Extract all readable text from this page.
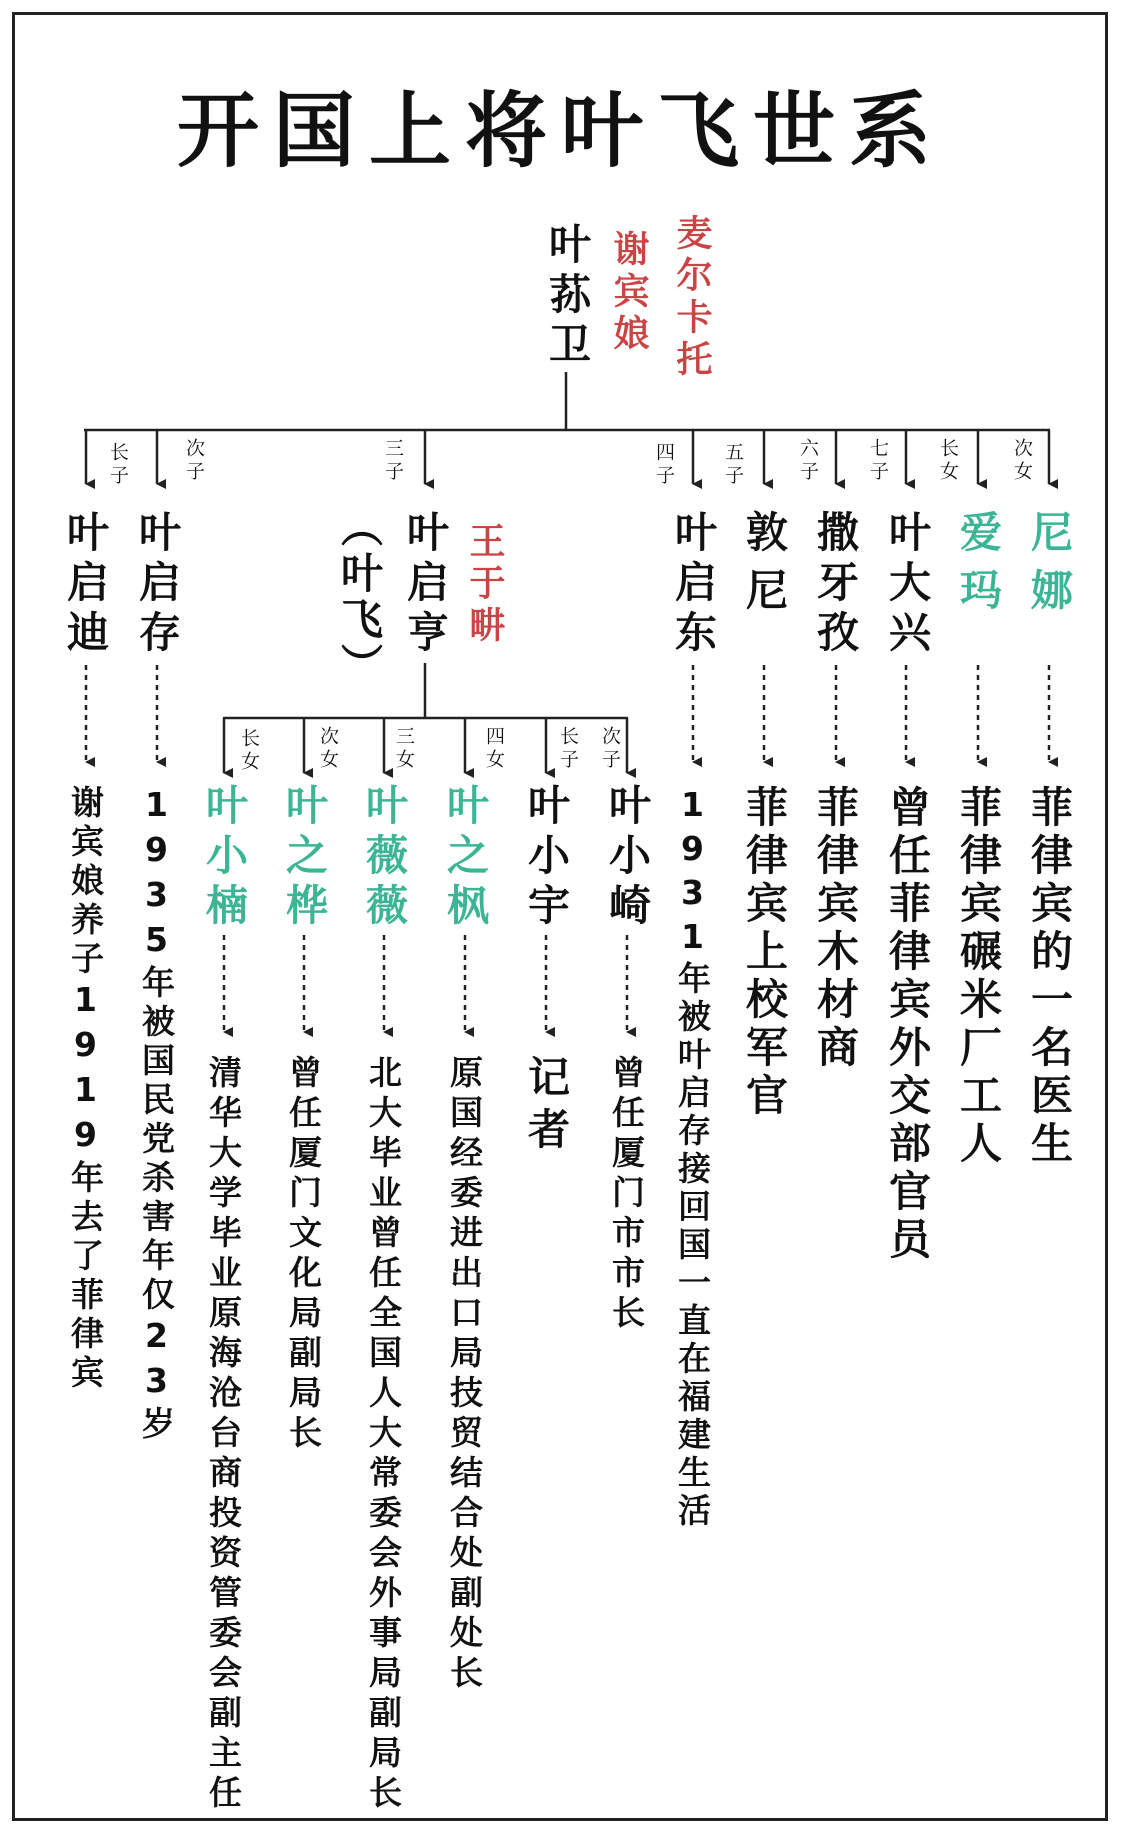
开国上将叶飞世系
叶荪卫 谢宾娘 麦尔卡托
长子	次子	三子	四子 五子	六子	七子	长女	次女
叶启迪 叶启存	（叶飞） 叶启亨 王于畊	叶启东 敦尼 撒牙孜 叶大兴 爱玛 尼娜
谢宾娘养子1919年去了菲律宾 1935年被国民党杀害年仅23岁	1931年被叶启存接回国一直在福建生活 菲律宾上校军官 菲律宾木材商 曾任菲律宾外交部官员 菲律宾碾米厂工人 菲律宾的一名医生
长女	次女	三女	四女	长子 次子
叶小楠 叶之桦 叶薇薇 叶之枫 叶小宇 叶小崎
清华大学毕业原海沧台商投资管委会副主任 曾任厦门文化局副局长 北大毕业曾任全国人大常委会外事局副局长 原国经委进出口局技贸结合处副处长 记者 曾任厦门市市长
